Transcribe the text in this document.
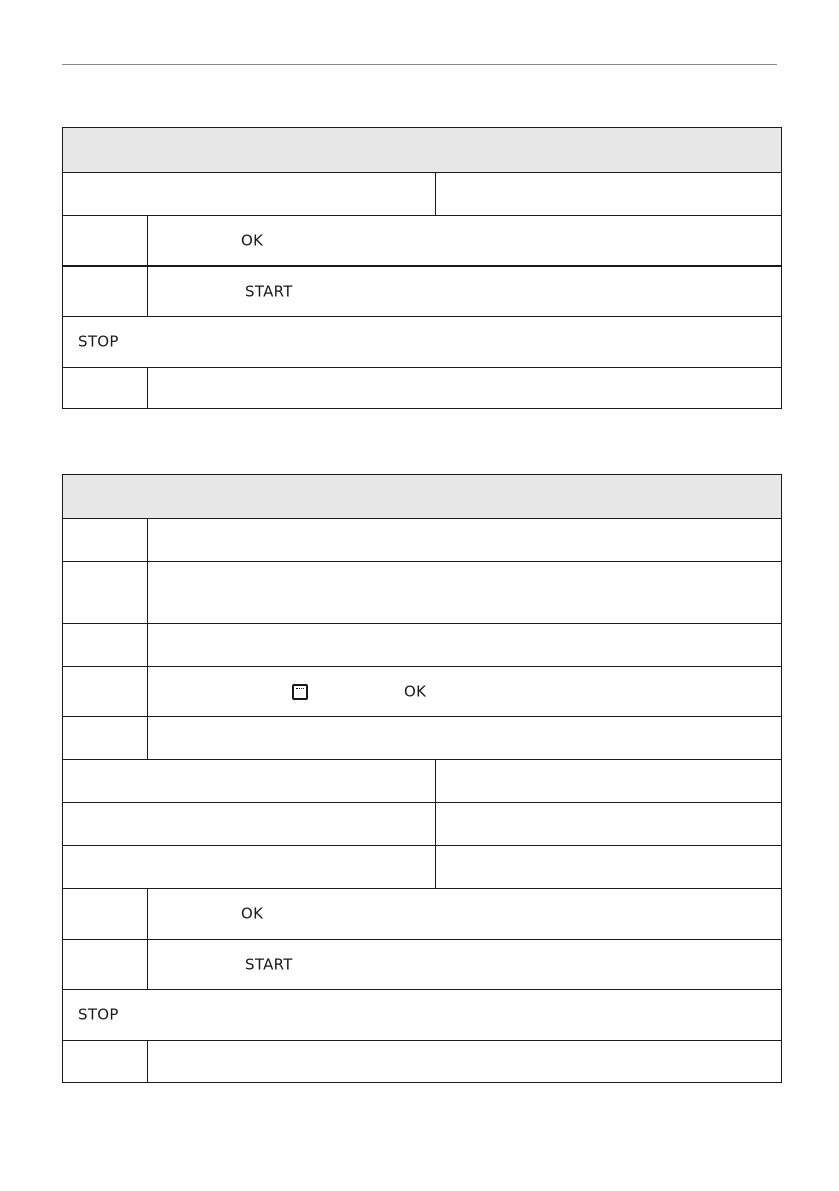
OK
START
STOP
OK
OK
START
STOP
